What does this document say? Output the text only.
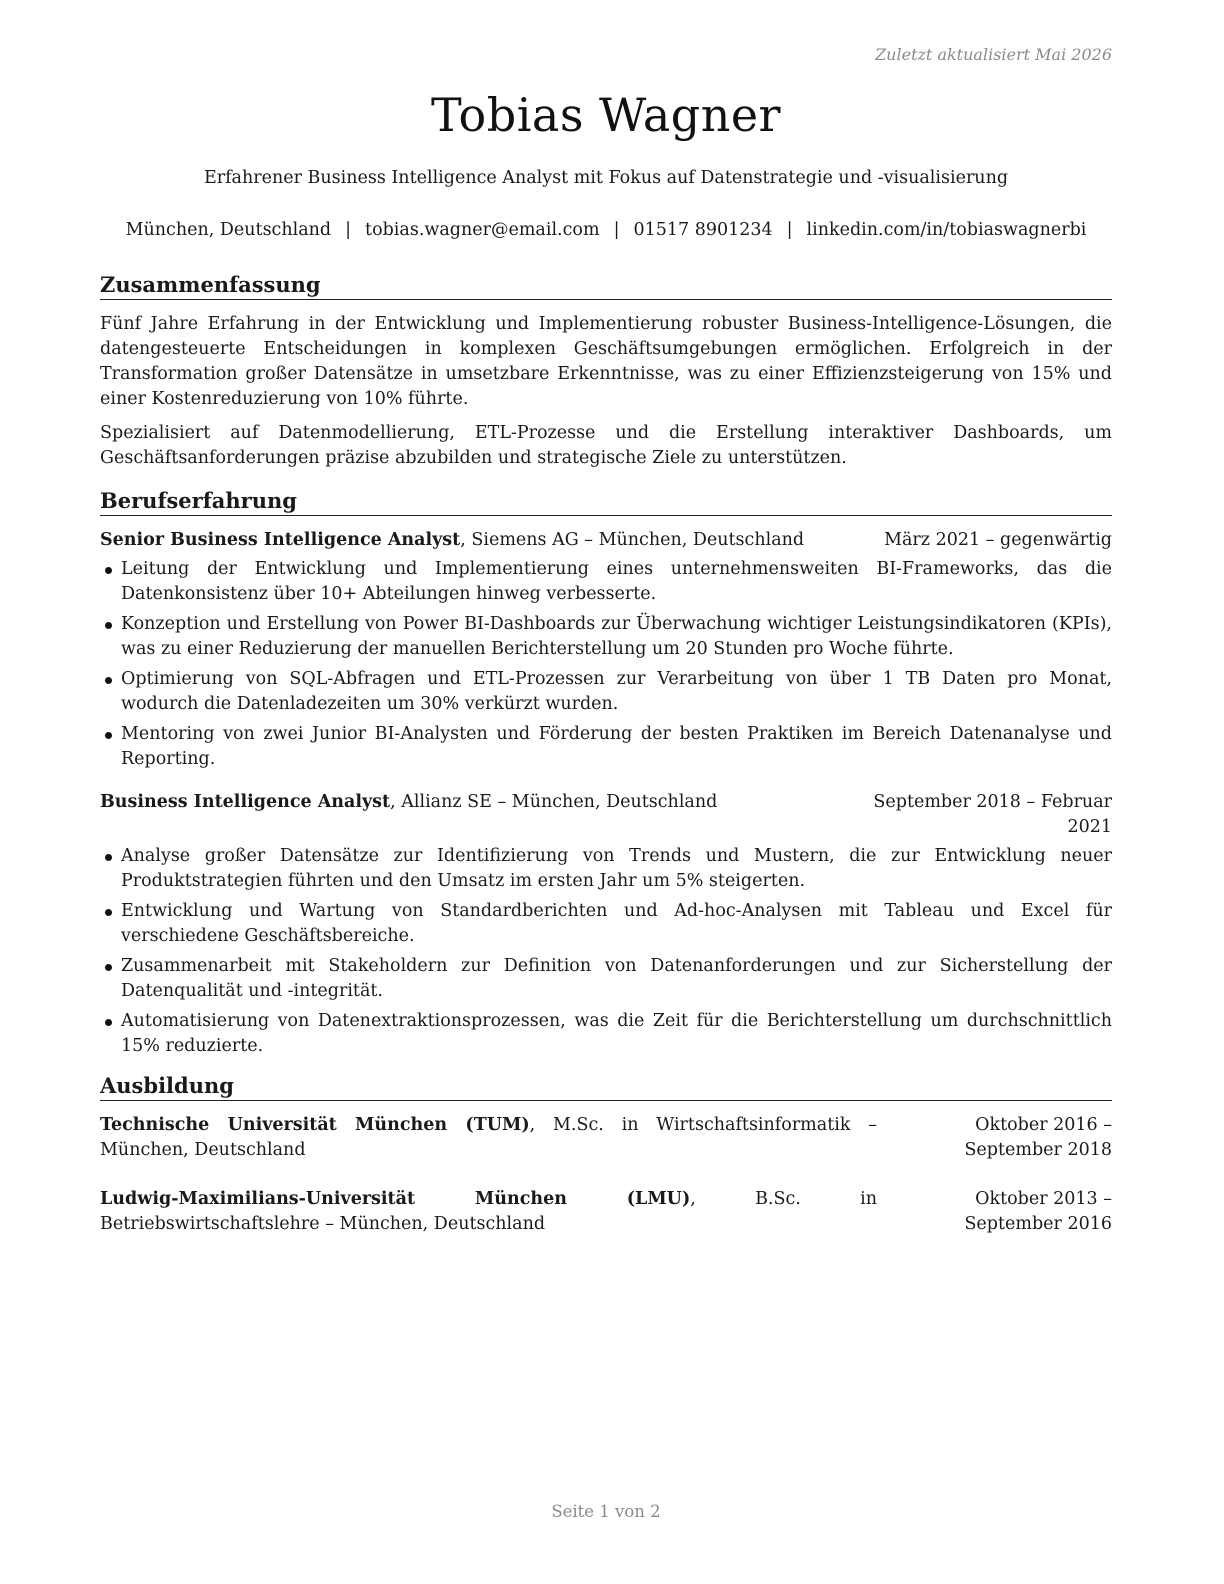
Zuletzt aktualisiert Mai 2026
Tobias Wagner
Erfahrener Business Intelligence Analyst mit Fokus auf Datenstrategie und -visualisierung
München, Deutschland | tobias.wagner@email.com | 01517 8901234 | linkedin.com/in/tobiaswagnerbi
Zusammenfassung

Fünf Jahre Erfahrung in der Entwicklung und Implementierung robuster Business-Intelligence-Lösungen, die datengesteuerte Entscheidungen in komplexen Geschäftsumgebungen ermöglichen. Erfolgreich in der Transformation großer Datensätze in umsetzbare Erkenntnisse, was zu einer Effizienzsteigerung von 15% und einer Kostenreduzierung von 10% führte.

Spezialisiert auf Datenmodellierung, ETL-Prozesse und die Erstellung interaktiver Dashboards, um Geschäftsanforderungen präzise abzubilden und strategische Ziele zu unterstützen.

Berufserfahrung
Senior Business Intelligence Analyst, Siemens AG – München, Deutschland	März 2021 – gegenwärtig
Leitung der Entwicklung und Implementierung eines unternehmensweiten BI-Frameworks, das die Datenkonsistenz über 10+ Abteilungen hinweg verbesserte.
Konzeption und Erstellung von Power BI-Dashboards zur Überwachung wichtiger Leistungsindikatoren (KPIs), was zu einer Reduzierung der manuellen Berichterstellung um 20 Stunden pro Woche führte.
Optimierung von SQL-Abfragen und ETL-Prozessen zur Verarbeitung von über 1 TB Daten pro Monat, wodurch die Datenladezeiten um 30% verkürzt wurden.
Mentoring von zwei Junior BI-Analysten und Förderung der besten Praktiken im Bereich Datenanalyse und Reporting.
Business Intelligence Analyst, Allianz SE – München, Deutschland	September 2018 – Februar 2021
Analyse großer Datensätze zur Identifizierung von Trends und Mustern, die zur Entwicklung neuer Produktstrategien führten und den Umsatz im ersten Jahr um 5% steigerten.
Entwicklung und Wartung von Standardberichten und Ad-hoc-Analysen mit Tableau und Excel für verschiedene Geschäftsbereiche.
Zusammenarbeit mit Stakeholdern zur Definition von Datenanforderungen und zur Sicherstellung der Datenqualität und -integrität.
Automatisierung von Datenextraktionsprozessen, was die Zeit für die Berichterstellung um durchschnittlich 15% reduzierte.
Ausbildung
Technische Universität München (TUM), M.Sc. in Wirtschaftsinformatik – München, Deutschland
Oktober 2016 – September 2018
Ludwig-Maximilians-Universität München (LMU), B.Sc. in Betriebswirtschaftslehre – München, Deutschland
Oktober 2013 – September 2016
Seite 1 von 2
